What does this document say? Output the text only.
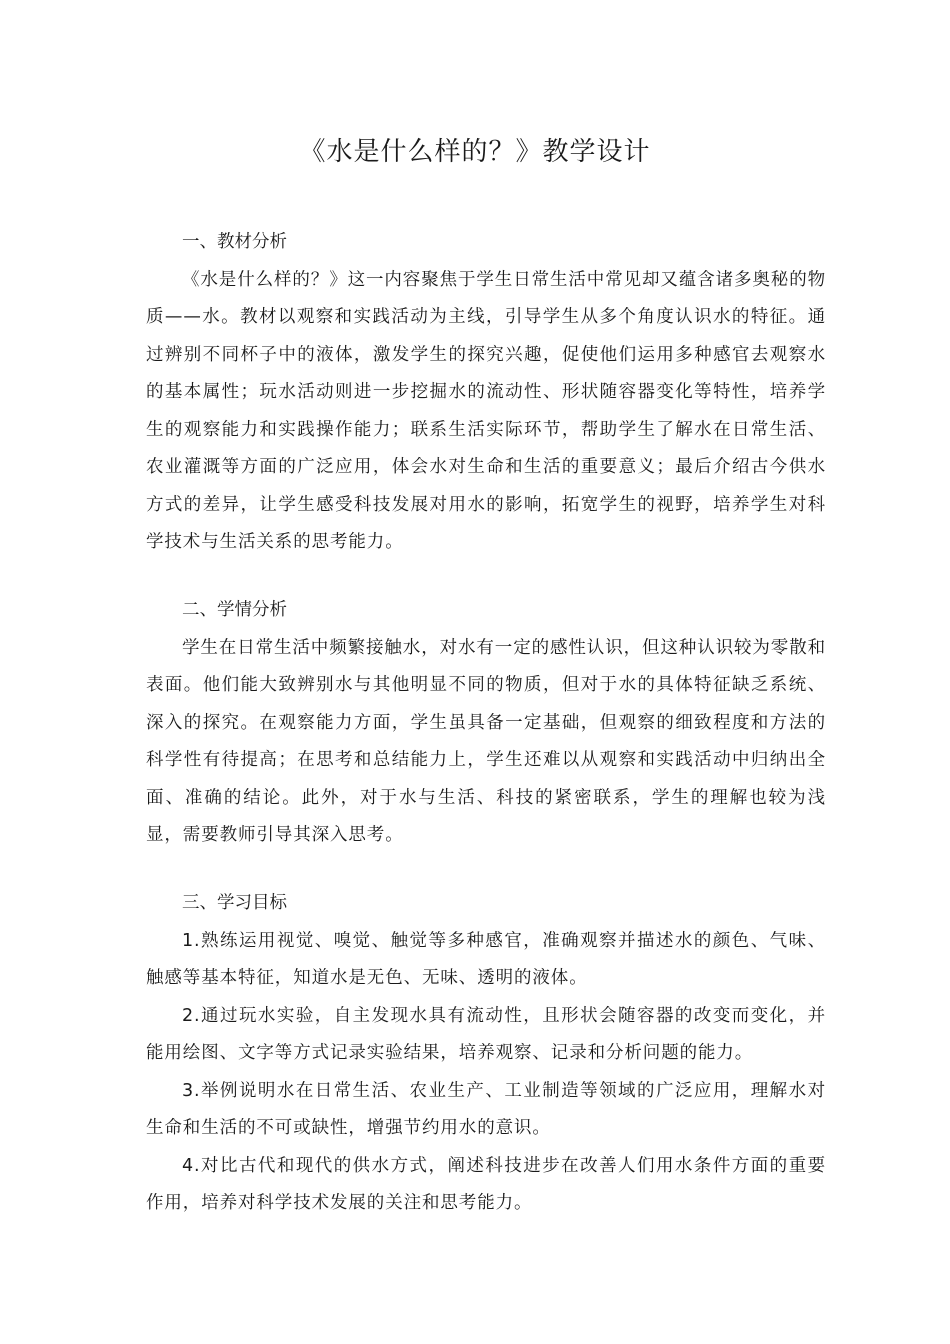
《水是什么样的？》教学设计

一、教材分析

《水是什么样的？》这一内容聚焦于学生日常生活中常见却又蕴含诸多奥秘的物质——水。教材以观察和实践活动为主线，引导学生从多个角度认识水的特征。通过辨别不同杯子中的液体，激发学生的探究兴趣，促使他们运用多种感官去观察水的基本属性；玩水活动则进一步挖掘水的流动性、形状随容器变化等特性，培养学生的观察能力和实践操作能力；联系生活实际环节，帮助学生了解水在日常生活、农业灌溉等方面的广泛应用，体会水对生命和生活的重要意义；最后介绍古今供水方式的差异，让学生感受科技发展对用水的影响，拓宽学生的视野，培养学生对科学技术与生活关系的思考能力。

二、学情分析

学生在日常生活中频繁接触水，对水有一定的感性认识，但这种认识较为零散和表面。他们能大致辨别水与其他明显不同的物质，但对于水的具体特征缺乏系统、深入的探究。在观察能力方面，学生虽具备一定基础，但观察的细致程度和方法的科学性有待提高；在思考和总结能力上，学生还难以从观察和实践活动中归纳出全面、准确的结论。此外，对于水与生活、科技的紧密联系，学生的理解也较为浅显，需要教师引导其深入思考。

三、学习目标

1.熟练运用视觉、嗅觉、触觉等多种感官，准确观察并描述水的颜色、气味、触感等基本特征，知道水是无色、无味、透明的液体。

2.通过玩水实验，自主发现水具有流动性，且形状会随容器的改变而变化，并能用绘图、文字等方式记录实验结果，培养观察、记录和分析问题的能力。

3.举例说明水在日常生活、农业生产、工业制造等领域的广泛应用，理解水对生命和生活的不可或缺性，增强节约用水的意识。

4.对比古代和现代的供水方式，阐述科技进步在改善人们用水条件方面的重要作用，培养对科学技术发展的关注和思考能力。
